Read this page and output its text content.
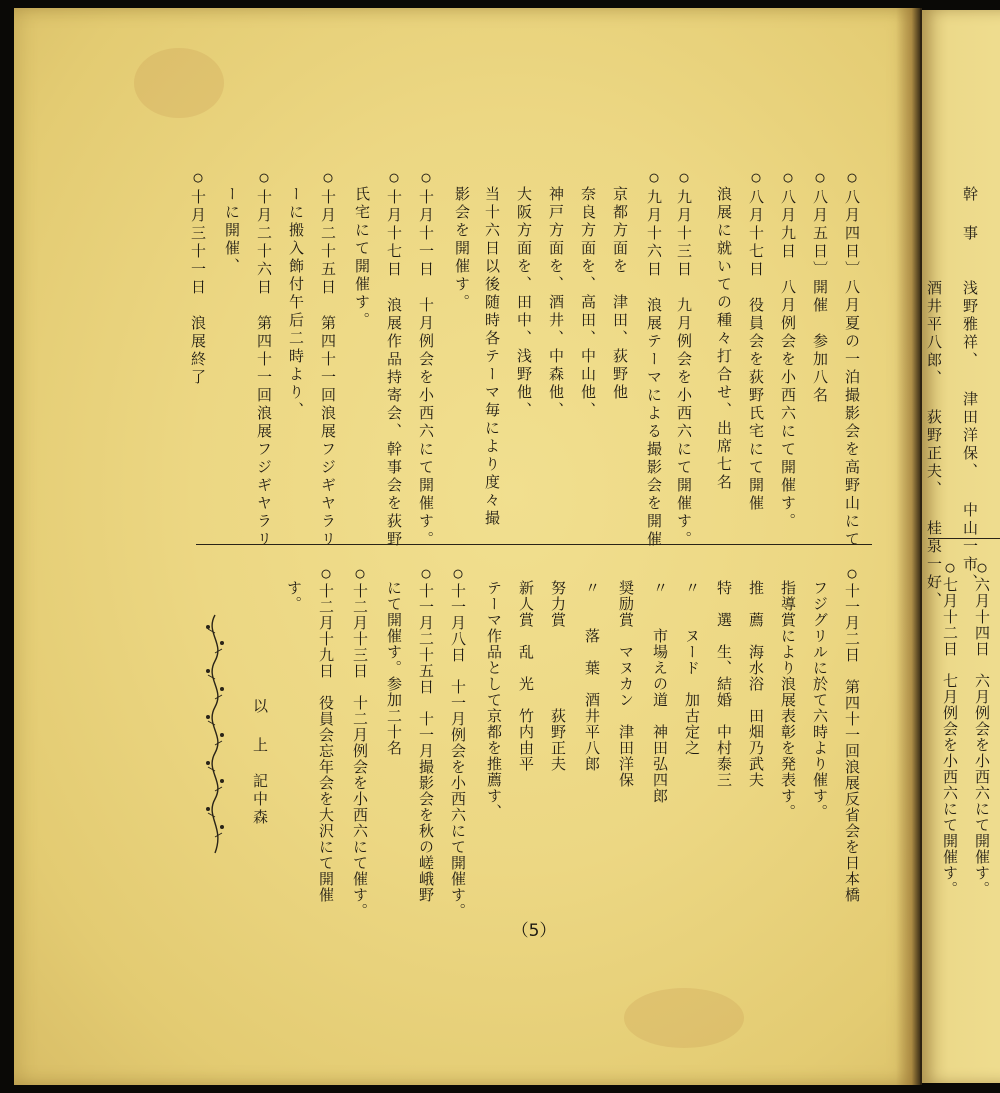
○八月四日〕八月夏の一泊撮影会を高野山にて
○八月五日〕開催　参加八名
○八月九日　八月例会を小西六にて開催す。
○八月十七日　役員会を荻野氏宅にて開催
　浪展に就いての種々打合せ、出席七名
○九月十三日　九月例会を小西六にて開催す。
○九月十六日　浪展テーマによる撮影会を開催
　京都方面を　津田、荻野他
　奈良方面を、高田、中山他、
　神戸方面を、酒井、中森他、
　大阪方面を、田中、浅野他、
　当十六日以後随時各テーマ毎により度々撮
　影会を開催す。
○十月十一日　十月例会を小西六にて開催す。
○十月十七日　浪展作品持寄会、幹事会を荻野
　氏宅にて開催す。
○十月二十五日　第四十一回浪展フジギヤラリ
　ーに搬入飾付午后二時より、
○十月二十六日　第四十一回浪展フジギヤラリ
　ーに開催、
○十月三十一日　浪展終了
○十一月二日　第四十一回浪展反省会を日本橋
　フジグリルに於て六時より催す。
　指導賞により浪展表彰を発表す。
　推　薦　海水浴　田畑乃武夫
　特　選　生、結婚　中村泰三
　〃　　ヌード　加古定之
　〃　　市場えの道　神田弘四郎
　奨励賞　マヌカン　津田洋保
　〃　　落　葉　酒井平八郎
　努力賞　　　　　荻野正夫
　新人賞　乱　光　竹内由平
　テーマ作品として京都を推薦す、
○十一月八日　十一月例会を小西六にて開催す。
○十一月二十五日　十一月撮影会を秋の嵯峨野
　にて開催す。参加二十名
○十二月十三日　十二月例会を小西六にて催す。
○十二月十九日　役員会忘年会を大沢にて開催
　す。
以 上　記中森
（5）
幹 事
浅野雅祥、 津田洋保、 中山一市、
酒井平八郎、 荻野正夫、 桂泉一好、
○六月十四日　六月例会を小西六にて開催す。
○七月十二日　七月例会を小西六にて開催す。
